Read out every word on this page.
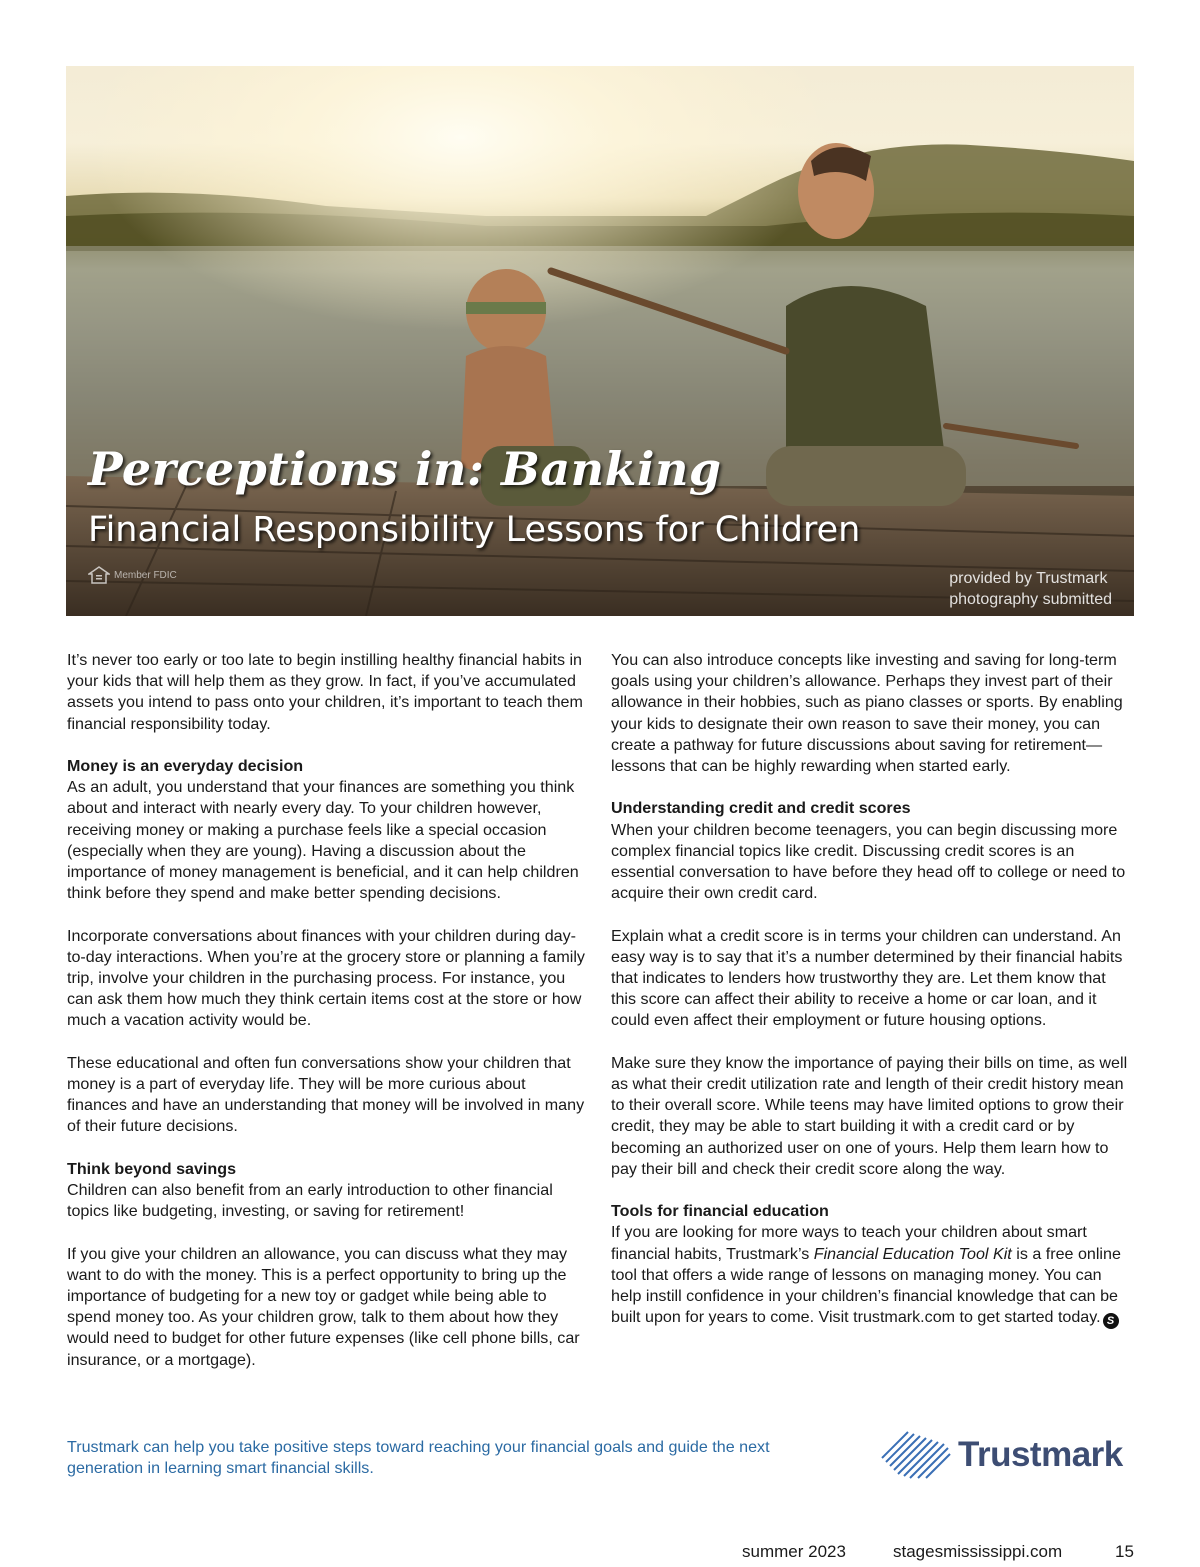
Perceptions in: Banking
Financial Responsibility Lessons for Children
Member FDIC	provided by Trustmark
photography submitted

It’s never too early or too late to begin instilling healthy financial habits in your kids that will help them as they grow. In fact, if you’ve accumulated assets you intend to pass onto your children, it’s important to teach them financial responsibility today.

Money is an everyday decision

As an adult, you understand that your finances are something you think about and interact with nearly every day. To your children however, receiving money or making a purchase feels like a special occasion (especially when they are young). Having a discussion about the importance of money management is beneficial, and it can help children think before they spend and make better spending decisions.

Incorporate conversations about finances with your children during day-to-day interactions. When you’re at the grocery store or planning a family trip, involve your children in the purchasing process. For instance, you can ask them how much they think certain items cost at the store or how much a vacation activity would be.

These educational and often fun conversations show your children that money is a part of everyday life. They will be more curious about finances and have an understanding that money will be involved in many of their future decisions.

Think beyond savings

Children can also benefit from an early introduction to other financial topics like budgeting, investing, or saving for retirement!

If you give your children an allowance, you can discuss what they may want to do with the money. This is a perfect opportunity to bring up the importance of budgeting for a new toy or gadget while being able to spend money too. As your children grow, talk to them about how they would need to budget for other future expenses (like cell phone bills, car insurance, or a mortgage).

You can also introduce concepts like investing and saving for long-term goals using your children’s allowance. Perhaps they invest part of their allowance in their hobbies, such as piano classes or sports. By enabling your kids to designate their own reason to save their money, you can create a pathway for future discussions about saving for retirement—lessons that can be highly rewarding when started early.

Understanding credit and credit scores

When your children become teenagers, you can begin discussing more complex financial topics like credit. Discussing credit scores is an essential conversation to have before they head off to college or need to acquire their own credit card.

Explain what a credit score is in terms your children can understand. An easy way is to say that it’s a number determined by their financial habits that indicates to lenders how trustworthy they are. Let them know that this score can affect their ability to receive a home or car loan, and it could even affect their employment or future housing options.

Make sure they know the importance of paying their bills on time, as well as what their credit utilization rate and length of their credit history mean to their overall score. While teens may have limited options to grow their credit, they may be able to start building it with a credit card or by becoming an authorized user on one of yours. Help them learn how to pay their bill and check their credit score along the way.

Tools for financial education

If you are looking for more ways to teach your children about smart financial habits, Trustmark’s Financial Education Tool Kit is a free online tool that offers a wide range of lessons on managing money. You can help instill confidence in your children’s financial knowledge that can be built upon for years to come. Visit trustmark.com to get started today. S

Trustmark can help you take positive steps toward reaching your financial goals and guide the next generation in learning smart financial skills.	Trustmark
summer 2023	stagesmississippi.com	15
